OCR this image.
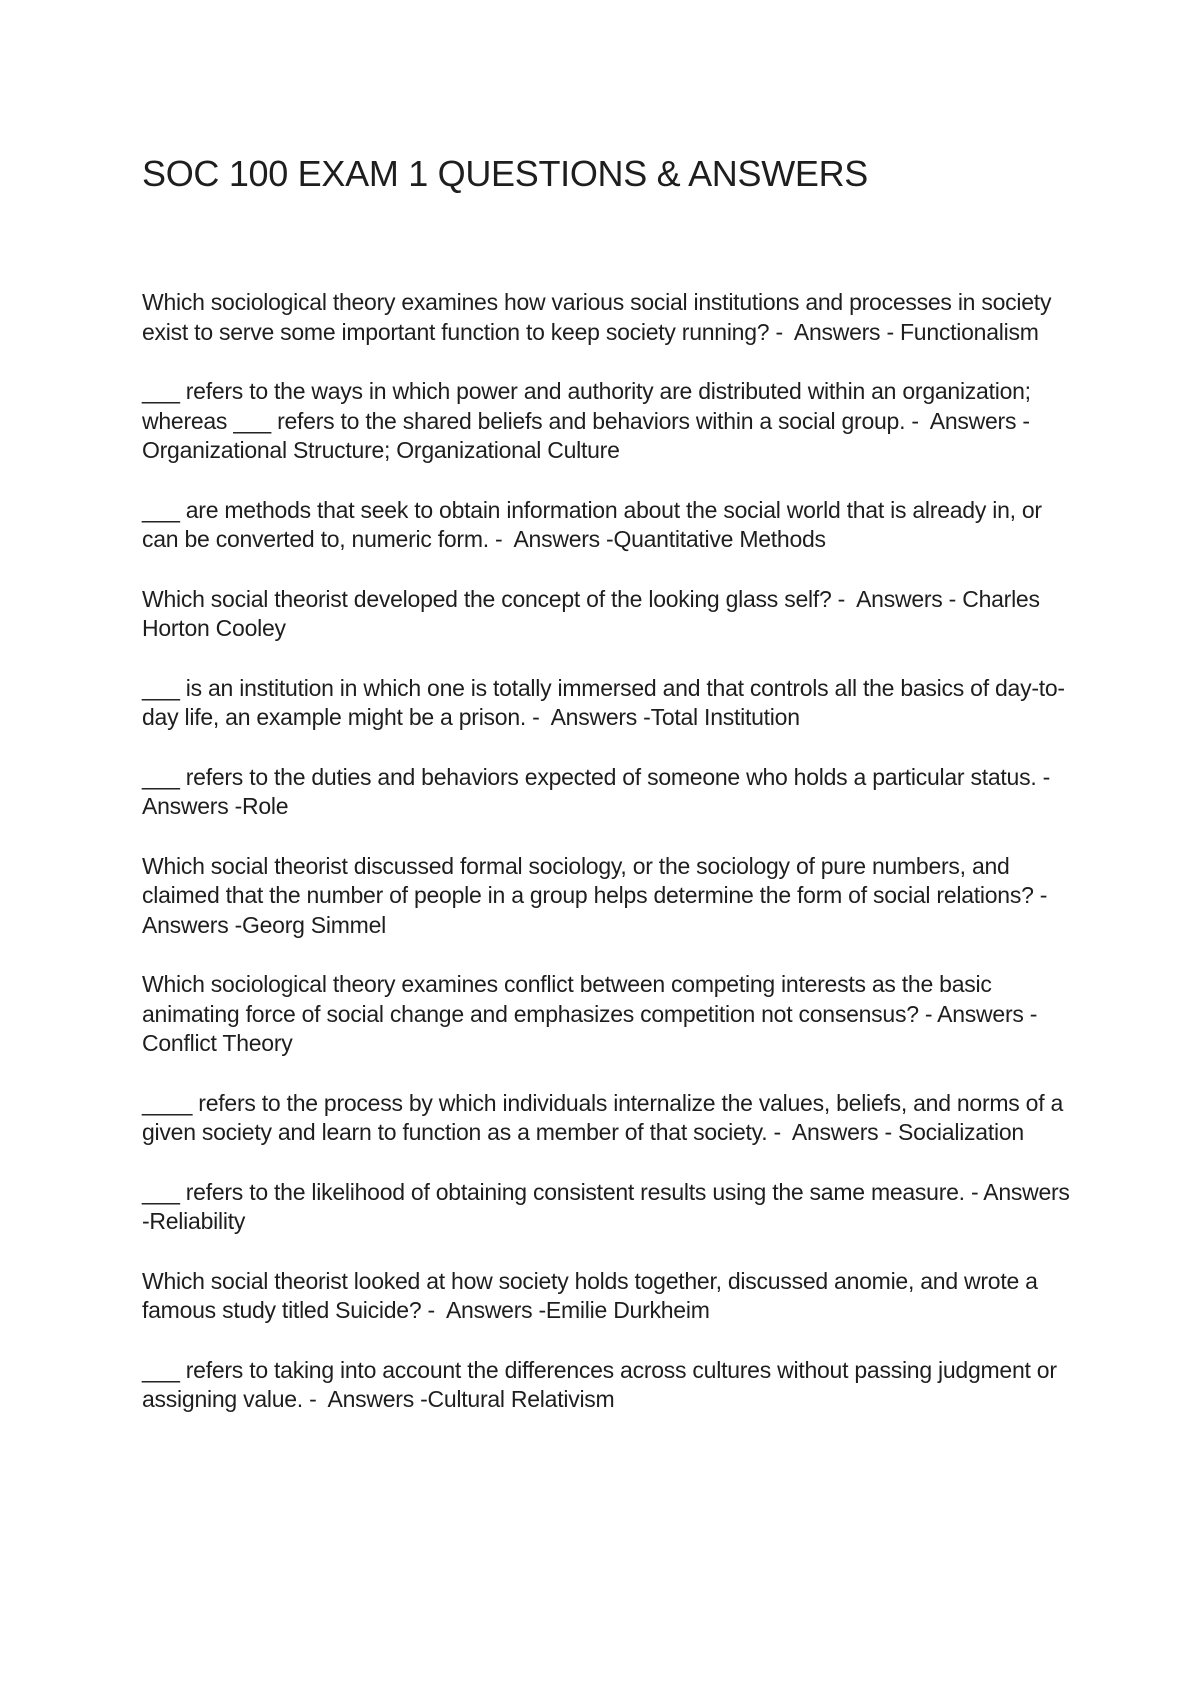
SOC 100 EXAM 1 QUESTIONS & ANSWERS

Which sociological theory examines how various social institutions and processes in society exist to serve some important function to keep society running? -  Answers - Functionalism

___ refers to the ways in which power and authority are distributed within an organization; whereas ___ refers to the shared beliefs and behaviors within a social group. -  Answers -Organizational Structure; Organizational Culture

___ are methods that seek to obtain information about the social world that is already in, or can be converted to, numeric form. -  Answers -Quantitative Methods

Which social theorist developed the concept of the looking glass self? -  Answers - Charles Horton Cooley

___ is an institution in which one is totally immersed and that controls all the basics of day-to-day life, an example might be a prison. -  Answers -Total Institution

___ refers to the duties and behaviors expected of someone who holds a particular status. -  Answers -Role

Which social theorist discussed formal sociology, or the sociology of pure numbers, and claimed that the number of people in a group helps determine the form of social relations? -  Answers -Georg Simmel

Which sociological theory examines conflict between competing interests as the basic animating force of social change and emphasizes competition not consensus? - Answers -Conflict Theory

____ refers to the process by which individuals internalize the values, beliefs, and norms of a given society and learn to function as a member of that society. -  Answers - Socialization

___ refers to the likelihood of obtaining consistent results using the same measure. - Answers -Reliability

Which social theorist looked at how society holds together, discussed anomie, and wrote a famous study titled Suicide? -  Answers -Emilie Durkheim

___ refers to taking into account the differences across cultures without passing judgment or assigning value. -  Answers -Cultural Relativism
